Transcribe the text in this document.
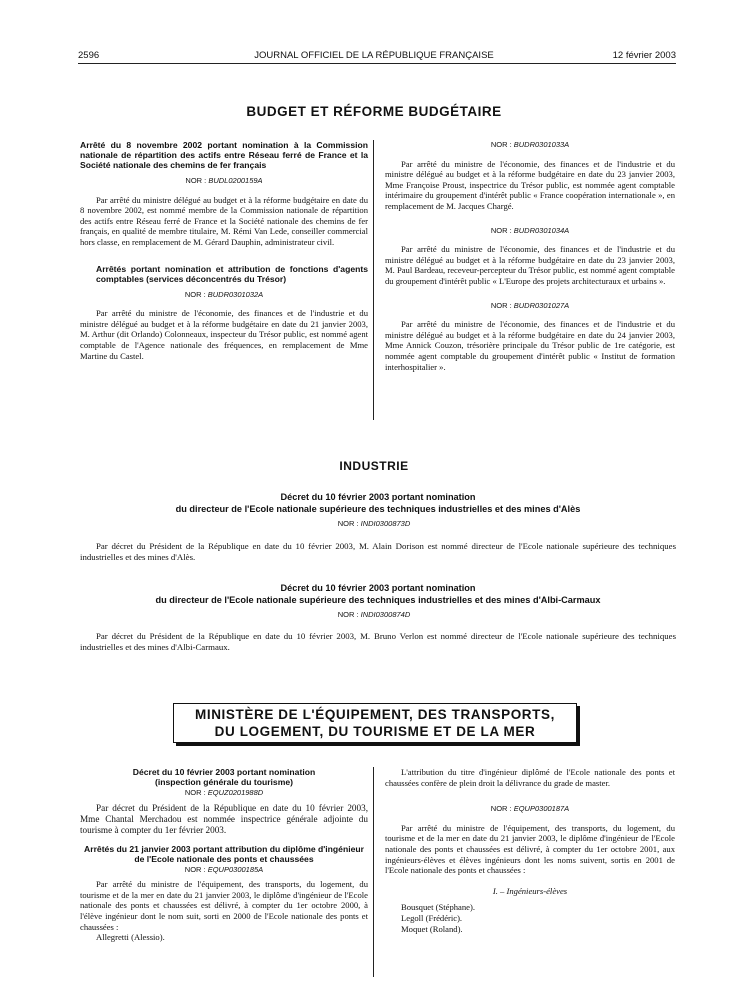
2596	JOURNAL OFFICIEL DE LA RÉPUBLIQUE FRANÇAISE	12 février 2003
BUDGET ET RÉFORME BUDGÉTAIRE

Arrêté du 8 novembre 2002 portant nomination à la Commission nationale de répartition des actifs entre Réseau ferré de France et la Société nationale des chemins de fer français

NOR : BUDL0200159A

Par arrêté du ministre délégué au budget et à la réforme budgétaire en date du 8 novembre 2002, est nommé membre de la Commission nationale de répartition des actifs entre Réseau ferré de France et la Société nationale des chemins de fer français, en qualité de membre titulaire, M. Rémi Van Lede, conseiller commercial hors classe, en remplacement de M. Gérard Dauphin, administrateur civil.

Arrêtés portant nomination et attribution de fonctions d'agents comptables (services déconcentrés du Trésor)

NOR : BUDR0301032A

Par arrêté du ministre de l'économie, des finances et de l'industrie et du ministre délégué au budget et à la réforme budgétaire en date du 21 janvier 2003, M. Arthur (dit Orlando) Colonneaux, inspecteur du Trésor public, est nommé agent comptable de l'Agence nationale des fréquences, en remplacement de Mme Martine du Castel.

NOR : BUDR0301033A

Par arrêté du ministre de l'économie, des finances et de l'industrie et du ministre délégué au budget et à la réforme budgétaire en date du 23 janvier 2003, Mme Françoise Proust, inspectrice du Trésor public, est nommée agent comptable intérimaire du groupement d'intérêt public « France coopération internationale », en remplacement de M. Jacques Chargé.

NOR : BUDR0301034A

Par arrêté du ministre de l'économie, des finances et de l'industrie et du ministre délégué au budget et à la réforme budgétaire en date du 23 janvier 2003, M. Paul Bardeau, receveur-percepteur du Trésor public, est nommé agent comptable du groupement d'intérêt public « L'Europe des projets architecturaux et urbains ».

NOR : BUDR0301027A

Par arrêté du ministre de l'économie, des finances et de l'industrie et du ministre délégué au budget et à la réforme budgétaire en date du 24 janvier 2003, Mme Annick Couzon, trésorière principale du Trésor public de 1re catégorie, est nommée agent comptable du groupement d'intérêt public « Institut de formation interhospitalier ».

INDUSTRIE
Décret du 10 février 2003 portant nomination
du directeur de l'Ecole nationale supérieure des techniques industrielles et des mines d'Alès
NOR : INDI0300873D

Par décret du Président de la République en date du 10 février 2003, M. Alain Dorison est nommé directeur de l'Ecole nationale supérieure des techniques industrielles et des mines d'Alès.

Décret du 10 février 2003 portant nomination
du directeur de l'Ecole nationale supérieure des techniques industrielles et des mines d'Albi-Carmaux
NOR : INDI0300874D

Par décret du Président de la République en date du 10 février 2003, M. Bruno Verlon est nommé directeur de l'Ecole nationale supérieure des techniques industrielles et des mines d'Albi-Carmaux.

MINISTÈRE DE L'ÉQUIPEMENT, DES TRANSPORTS,
DU LOGEMENT, DU TOURISME ET DE LA MER
Décret du 10 février 2003 portant nomination
(inspection générale du tourisme)
NOR : EQUZ0201988D

Par décret du Président de la République en date du 10 février 2003, Mme Chantal Merchadou est nommée inspectrice générale adjointe du tourisme à compter du 1er février 2003.

Arrêtés du 21 janvier 2003 portant attribution du diplôme d'ingénieur de l'Ecole nationale des ponts et chaussées

NOR : EQUP0300185A

Par arrêté du ministre de l'équipement, des transports, du logement, du tourisme et de la mer en date du 21 janvier 2003, le diplôme d'ingénieur de l'Ecole nationale des ponts et chaussées est délivré, à compter du 1er octobre 2000, à l'élève ingénieur dont le nom suit, sorti en 2000 de l'Ecole nationale des ponts et chaussées :

Allegretti (Alessio).

L'attribution du titre d'ingénieur diplômé de l'Ecole nationale des ponts et chaussées confère de plein droit la délivrance du grade de master.

NOR : EQUP0300187A

Par arrêté du ministre de l'équipement, des transports, du logement, du tourisme et de la mer en date du 21 janvier 2003, le diplôme d'ingénieur de l'Ecole nationale des ponts et chaussées est délivré, à compter du 1er octobre 2001, aux ingénieurs-élèves et élèves ingénieurs dont les noms suivent, sortis en 2001 de l'Ecole nationale des ponts et chaussées :

I. – Ingénieurs-élèves
Bousquet (Stéphane).
Legoll (Frédéric).
Moquet (Roland).
